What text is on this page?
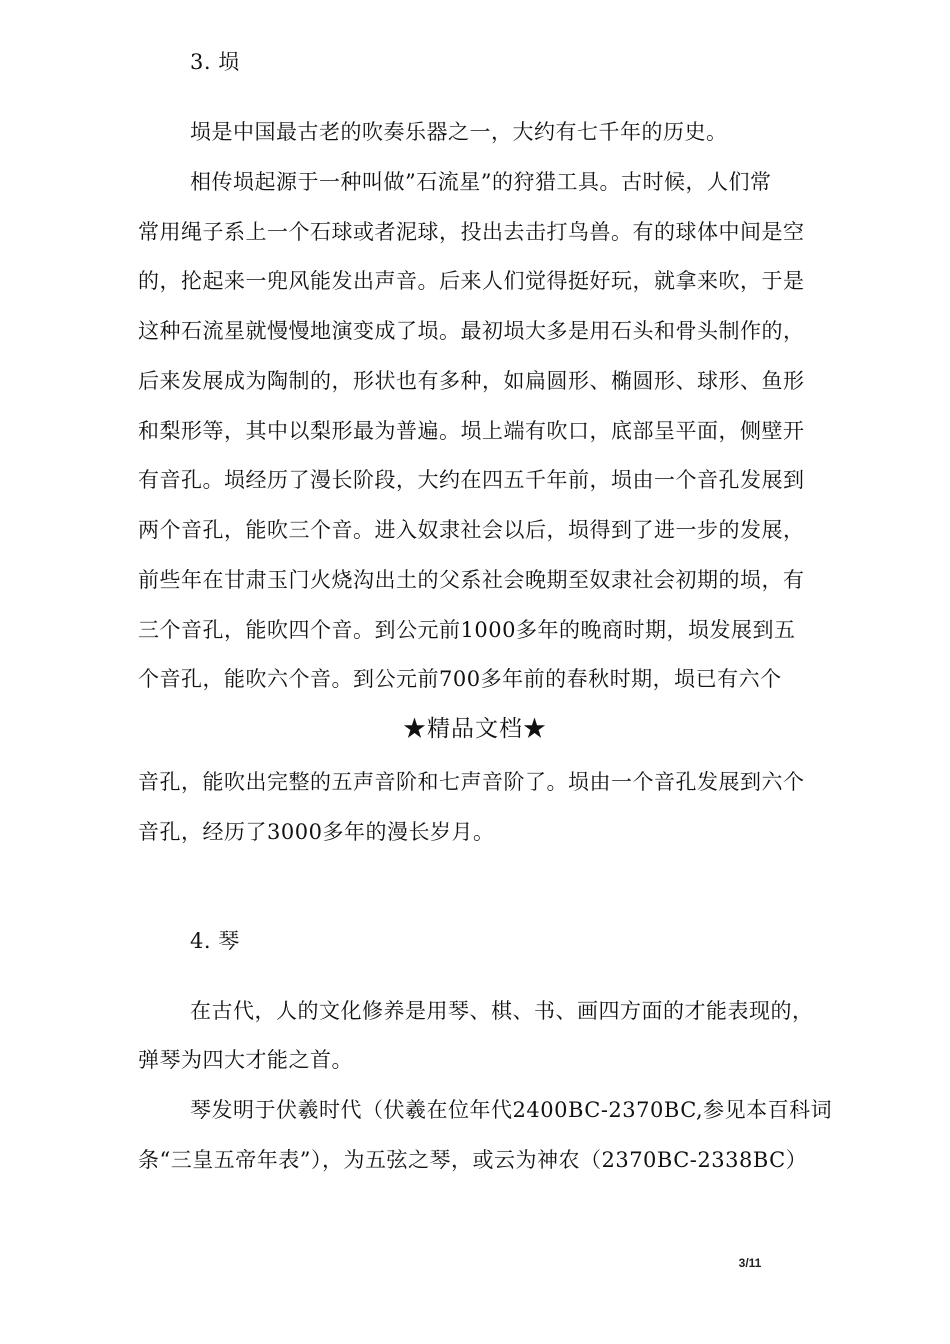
3. 埙
埙是中国最古老的吹奏乐器之一，大约有七千年的历史。
相传埙起源于一种叫做”石流星”的狩猎工具。古时候，人们常
常用绳子系上一个石球或者泥球，投出去击打鸟兽。有的球体中间是空
的，抡起来一兜风能发出声音。后来人们觉得挺好玩，就拿来吹，于是
这种石流星就慢慢地演变成了埙。最初埙大多是用石头和骨头制作的，
后来发展成为陶制的，形状也有多种，如扁圆形、椭圆形、球形、鱼形
和梨形等，其中以梨形最为普遍。埙上端有吹口，底部呈平面，侧壁开
有音孔。埙经历了漫长阶段，大约在四五千年前，埙由一个音孔发展到
两个音孔，能吹三个音。进入奴隶社会以后，埙得到了进一步的发展，
前些年在甘肃玉门火烧沟出土的父系社会晚期至奴隶社会初期的埙，有
三个音孔，能吹四个音。到公元前1000多年的晚商时期，埙发展到五
个音孔，能吹六个音。到公元前700多年前的春秋时期，埙已有六个
★精品文档★
音孔，能吹出完整的五声音阶和七声音阶了。埙由一个音孔发展到六个
音孔，经历了3000多年的漫长岁月。
4. 琴
在古代，人的文化修养是用琴、棋、书、画四方面的才能表现的，
弹琴为四大才能之首。
琴发明于伏羲时代（伏羲在位年代2400BC-2370BC,参见本百科词
条“三皇五帝年表”），为五弦之琴，或云为神农（2370BC-2338BC）
3/11
